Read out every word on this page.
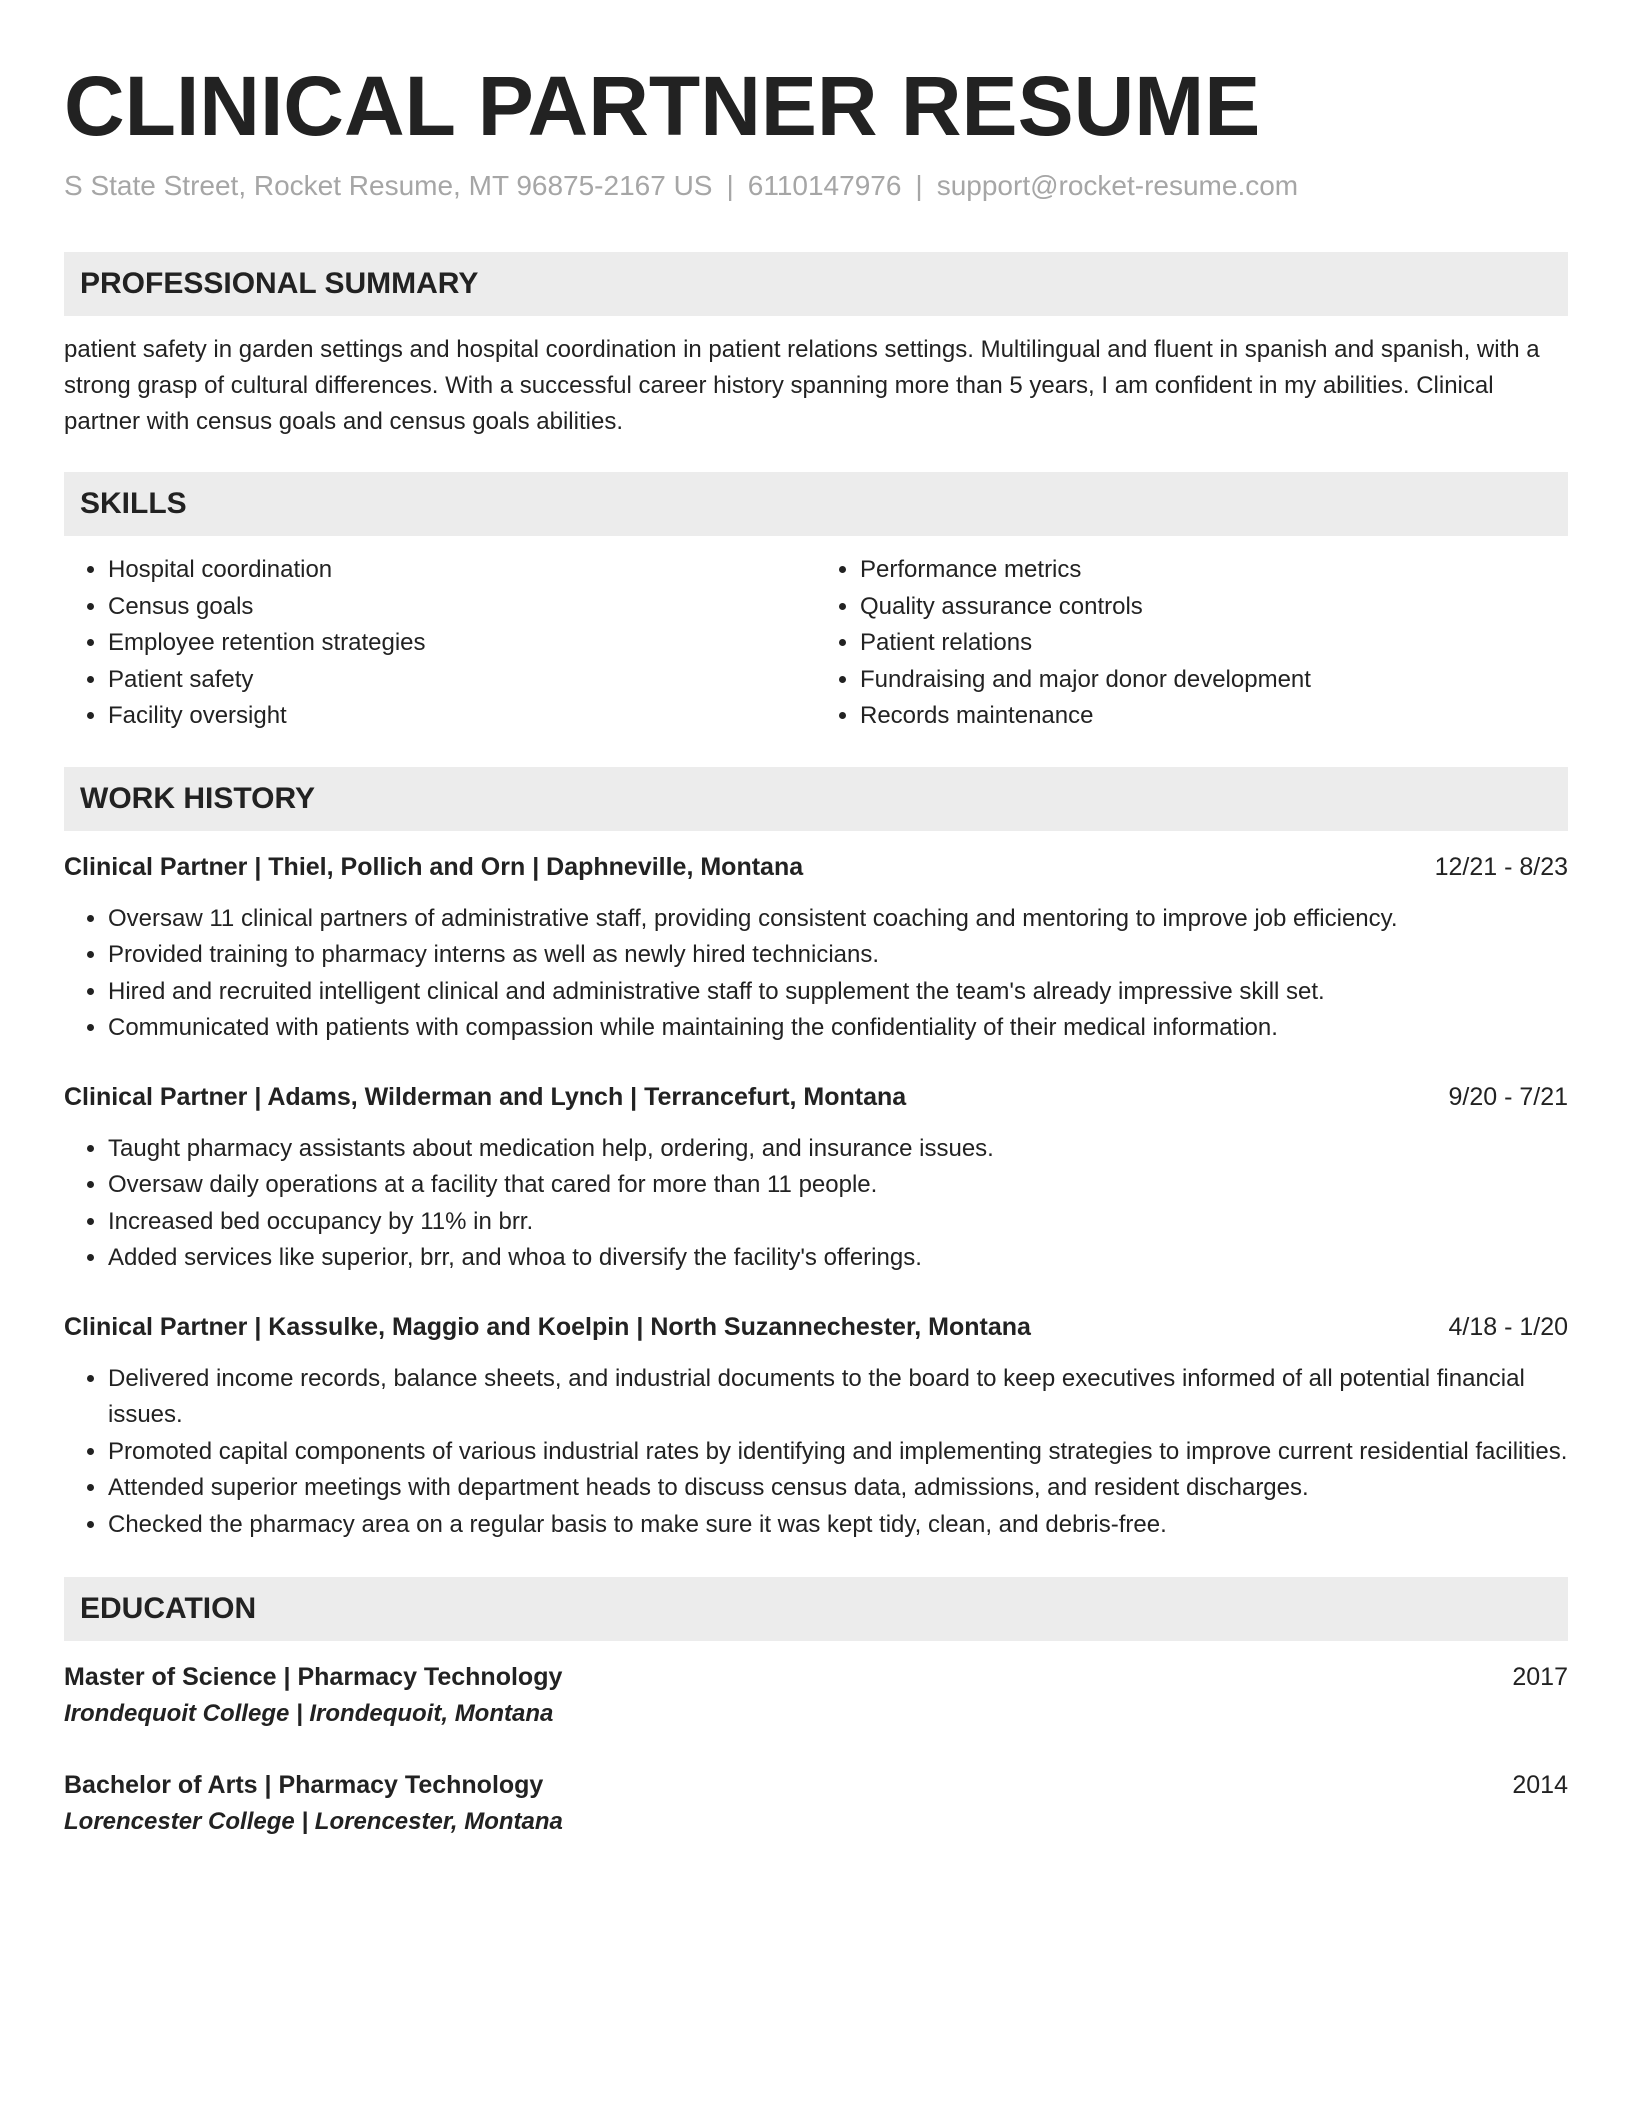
CLINICAL PARTNER RESUME
S State Street, Rocket Resume, MT 96875-2167 US | 6110147976 | support@rocket-resume.com
PROFESSIONAL SUMMARY
patient safety in garden settings and hospital coordination in patient relations settings. Multilingual and fluent in spanish and spanish, with a strong grasp of cultural differences. With a successful career history spanning more than 5 years, I am confident in my abilities. Clinical partner with census goals and census goals abilities.
SKILLS
• Hospital coordination
• Census goals
• Employee retention strategies
• Patient safety
• Facility oversight
• Performance metrics
• Quality assurance controls
• Patient relations
• Fundraising and major donor development
• Records maintenance
WORK HISTORY
Clinical Partner | Thiel, Pollich and Orn | Daphneville, Montana	12/21 - 8/23
• Oversaw 11 clinical partners of administrative staff, providing consistent coaching and mentoring to improve job efficiency.
• Provided training to pharmacy interns as well as newly hired technicians.
• Hired and recruited intelligent clinical and administrative staff to supplement the team's already impressive skill set.
• Communicated with patients with compassion while maintaining the confidentiality of their medical information.
Clinical Partner | Adams, Wilderman and Lynch | Terrancefurt, Montana	9/20 - 7/21
• Taught pharmacy assistants about medication help, ordering, and insurance issues.
• Oversaw daily operations at a facility that cared for more than 11 people.
• Increased bed occupancy by 11% in brr.
• Added services like superior, brr, and whoa to diversify the facility's offerings.
Clinical Partner | Kassulke, Maggio and Koelpin | North Suzannechester, Montana	4/18 - 1/20
• Delivered income records, balance sheets, and industrial documents to the board to keep executives informed of all potential financial issues.
• Promoted capital components of various industrial rates by identifying and implementing strategies to improve current residential facilities.
• Attended superior meetings with department heads to discuss census data, admissions, and resident discharges.
• Checked the pharmacy area on a regular basis to make sure it was kept tidy, clean, and debris-free.
EDUCATION
Master of Science | Pharmacy Technology	2017
Irondequoit College | Irondequoit, Montana
Bachelor of Arts | Pharmacy Technology	2014
Lorencester College | Lorencester, Montana
